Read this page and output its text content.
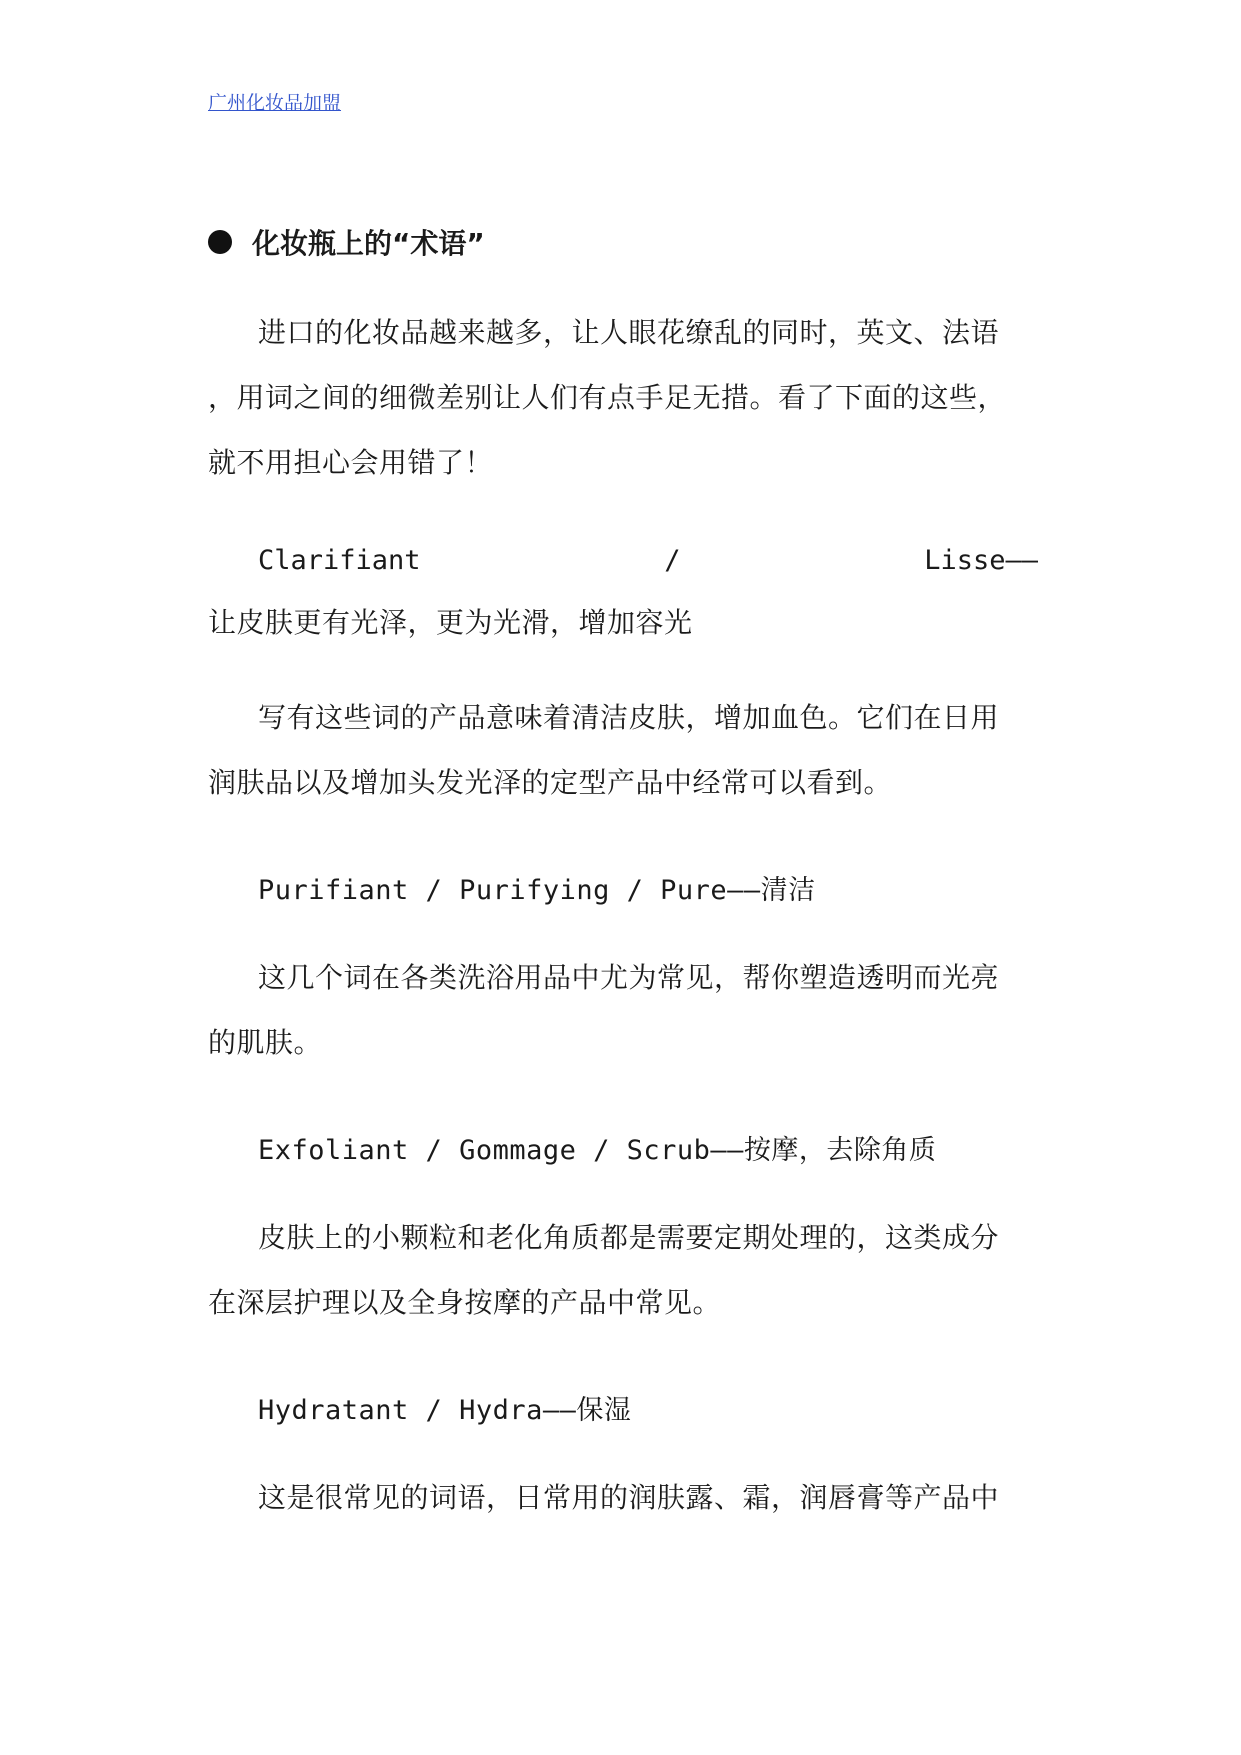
广州化妆品加盟
化妆瓶上的“术语”
进口的化妆品越来越多，让人眼花缭乱的同时，英文、法语
，用词之间的细微差别让人们有点手足无措。看了下面的这些，
就不用担心会用错了！
Clarifiant	/	Lisse——
让皮肤更有光泽，更为光滑，增加容光
写有这些词的产品意味着清洁皮肤，增加血色。它们在日用
润肤品以及增加头发光泽的定型产品中经常可以看到。
Purifiant / Purifying / Pure——清洁
这几个词在各类洗浴用品中尤为常见，帮你塑造透明而光亮
的肌肤。
Exfoliant / Gommage / Scrub——按摩，去除角质
皮肤上的小颗粒和老化角质都是需要定期处理的，这类成分
在深层护理以及全身按摩的产品中常见。
Hydratant / Hydra——保湿
这是很常见的词语，日常用的润肤露、霜，润唇膏等产品中
